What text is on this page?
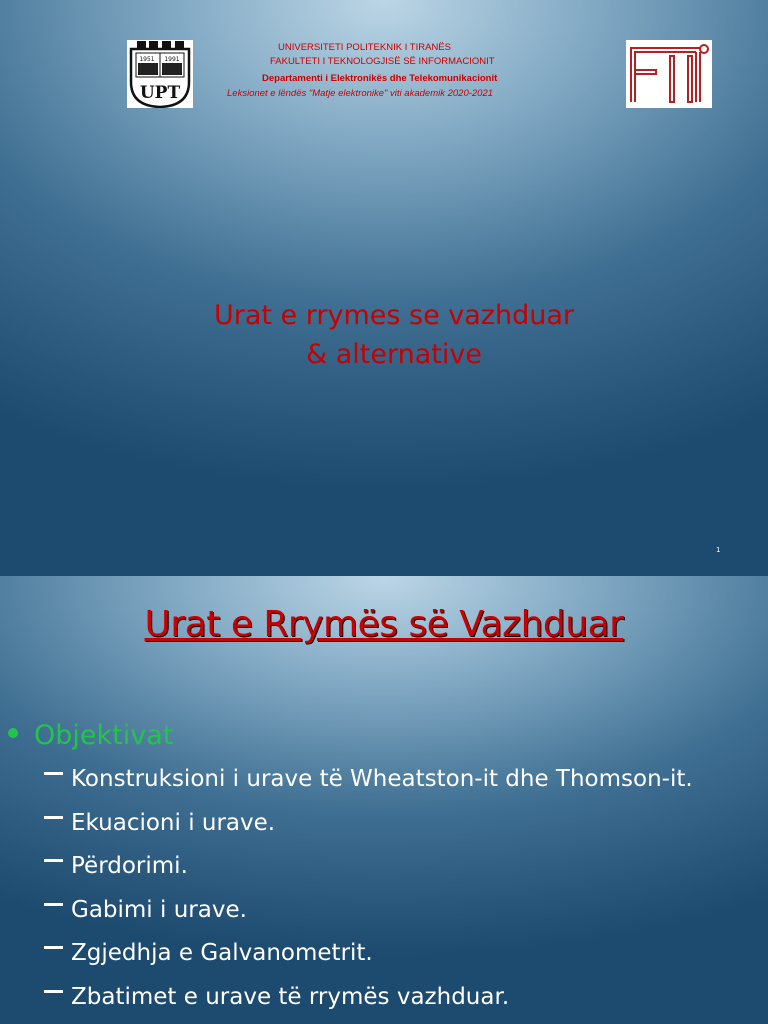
1951 1991
UPT
UNIVERSITETI POLITEKNIK I TIRANËS
FAKULTETI I TEKNOLOGJISË SË INFORMACIONIT
Departamenti i Elektronikës dhe Telekomunikacionit
Leksionet e lëndës "Matje elektronike" viti akademik 2020-2021
Urat e rrymes se vazhduar
& alternative
1
Urat e Rrymës së Vazhduar
Objektivat
Konstruksioni i urave të Wheatston-it dhe Thomson-it.
Ekuacioni i urave.
Përdorimi.
Gabimi i urave.
Zgjedhja e Galvanometrit.
Zbatimet e urave të rrymës vazhduar.
